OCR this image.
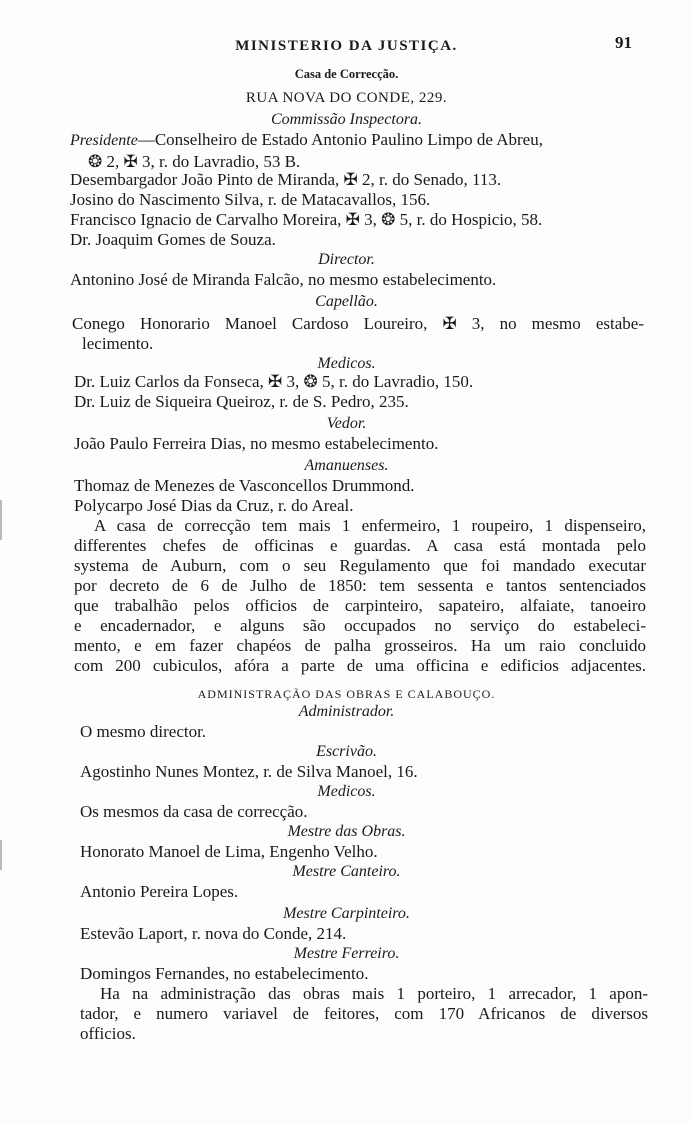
MINISTERIO DA JUSTIÇA.	91
Casa de Correcção.
RUA NOVA DO CONDE, 229.
Commissão Inspectora.
Presidente—Conselheiro de Estado Antonio Paulino Limpo de Abreu,
❂ 2, ✠ 3, r. do Lavradio, 53 B.
Desembargador João Pinto de Miranda, ✠ 2, r. do Senado, 113.
Josino do Nascimento Silva, r. de Matacavallos, 156.
Francisco Ignacio de Carvalho Moreira, ✠ 3, ❂ 5, r. do Hospicio, 58.
Dr. Joaquim Gomes de Souza.
Director.
Antonino José de Miranda Falcão, no mesmo estabelecimento.
Capellão.
Conego Honorario Manoel Cardoso Loureiro, ✠ 3, no mesmo estabe-
lecimento.
Medicos.
Dr. Luiz Carlos da Fonseca, ✠ 3, ❂ 5, r. do Lavradio, 150.
Dr. Luiz de Siqueira Queiroz, r. de S. Pedro, 235.
Vedor.
João Paulo Ferreira Dias, no mesmo estabelecimento.
Amanuenses.
Thomaz de Menezes de Vasconcellos Drummond.
Polycarpo José Dias da Cruz, r. do Areal.
A casa de correcção tem mais 1 enfermeiro, 1 roupeiro, 1 dispenseiro,
differentes chefes de officinas e guardas. A casa está montada pelo
systema de Auburn, com o seu Regulamento que foi mandado executar
por decreto de 6 de Julho de 1850: tem sessenta e tantos sentenciados
que trabalhão pelos officios de carpinteiro, sapateiro, alfaiate, tanoeiro
e encadernador, e alguns são occupados no serviço do estabeleci-
mento, e em fazer chapéos de palha grosseiros. Ha um raio concluido
com 200 cubiculos, afóra a parte de uma officina e edificios adjacentes.
ADMINISTRAÇÃO DAS OBRAS E CALABOUÇO.
Administrador.
O mesmo director.
Escrivão.
Agostinho Nunes Montez, r. de Silva Manoel, 16.
Medicos.
Os mesmos da casa de correcção.
Mestre das Obras.
Honorato Manoel de Lima, Engenho Velho.
Mestre Canteiro.
Antonio Pereira Lopes.
Mestre Carpinteiro.
Estevão Laport, r. nova do Conde, 214.
Mestre Ferreiro.
Domingos Fernandes, no estabelecimento.
Ha na administração das obras mais 1 porteiro, 1 arrecador, 1 apon-
tador, e numero variavel de feitores, com 170 Africanos de diversos
officios.
